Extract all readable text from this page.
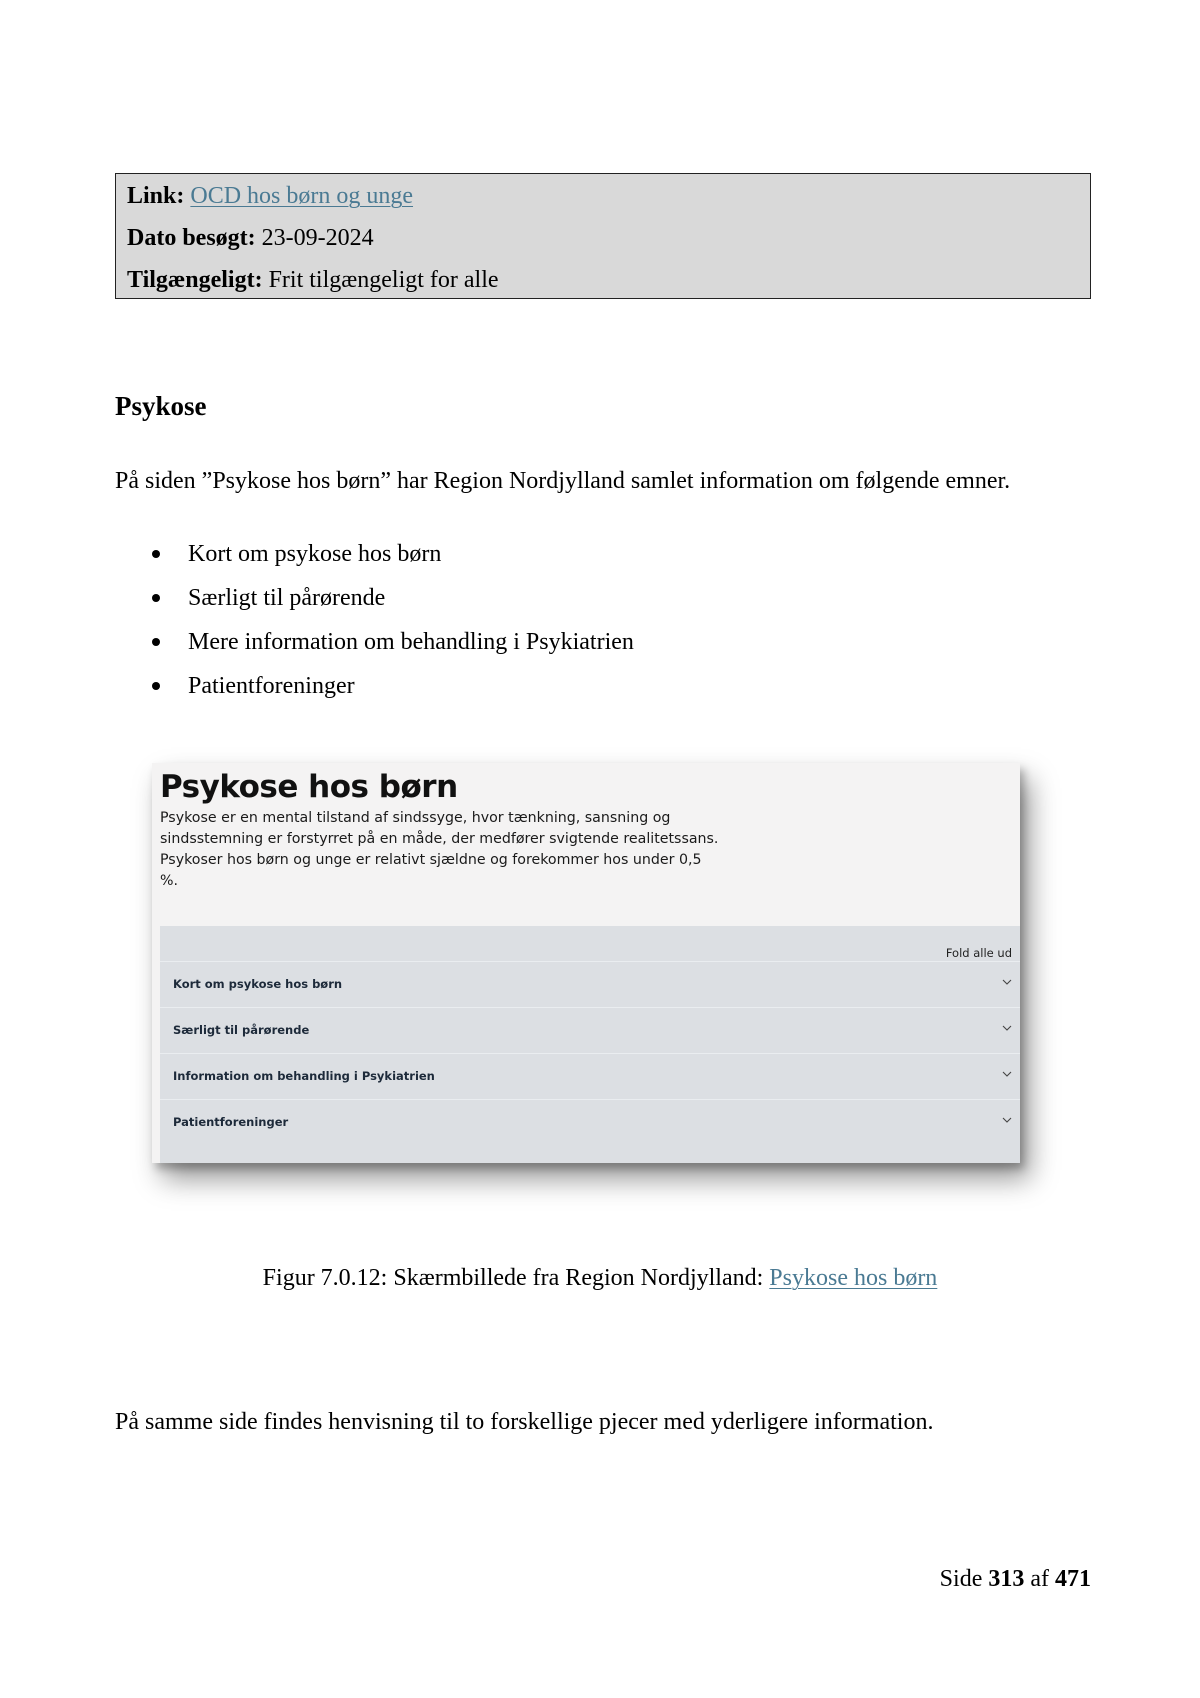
Link: OCD hos børn og unge
Dato besøgt: 23-09-2024
Tilgængeligt: Frit tilgængeligt for alle
Psykose

På siden ”Psykose hos børn” har Region Nordjylland samlet information om følgende emner.

Kort om psykose hos børn
Særligt til pårørende
Mere information om behandling i Psykiatrien
Patientforeninger
Psykose hos børn

Psykose er en mental tilstand af sindssyge, hvor tænkning, sansning og
sindsstemning er forstyrret på en måde, der medfører svigtende realitetssans.
Psykoser hos børn og unge er relativt sjældne og forekommer hos under 0,5
%.

Fold alle ud
Kort om psykose hos børn
Særligt til pårørende
Information om behandling i Psykiatrien
Patientforeninger

Figur 7.0.12: Skærmbillede fra Region Nordjylland: Psykose hos børn

På samme side findes henvisning til to forskellige pjecer med yderligere information.

Side 313 af 471
